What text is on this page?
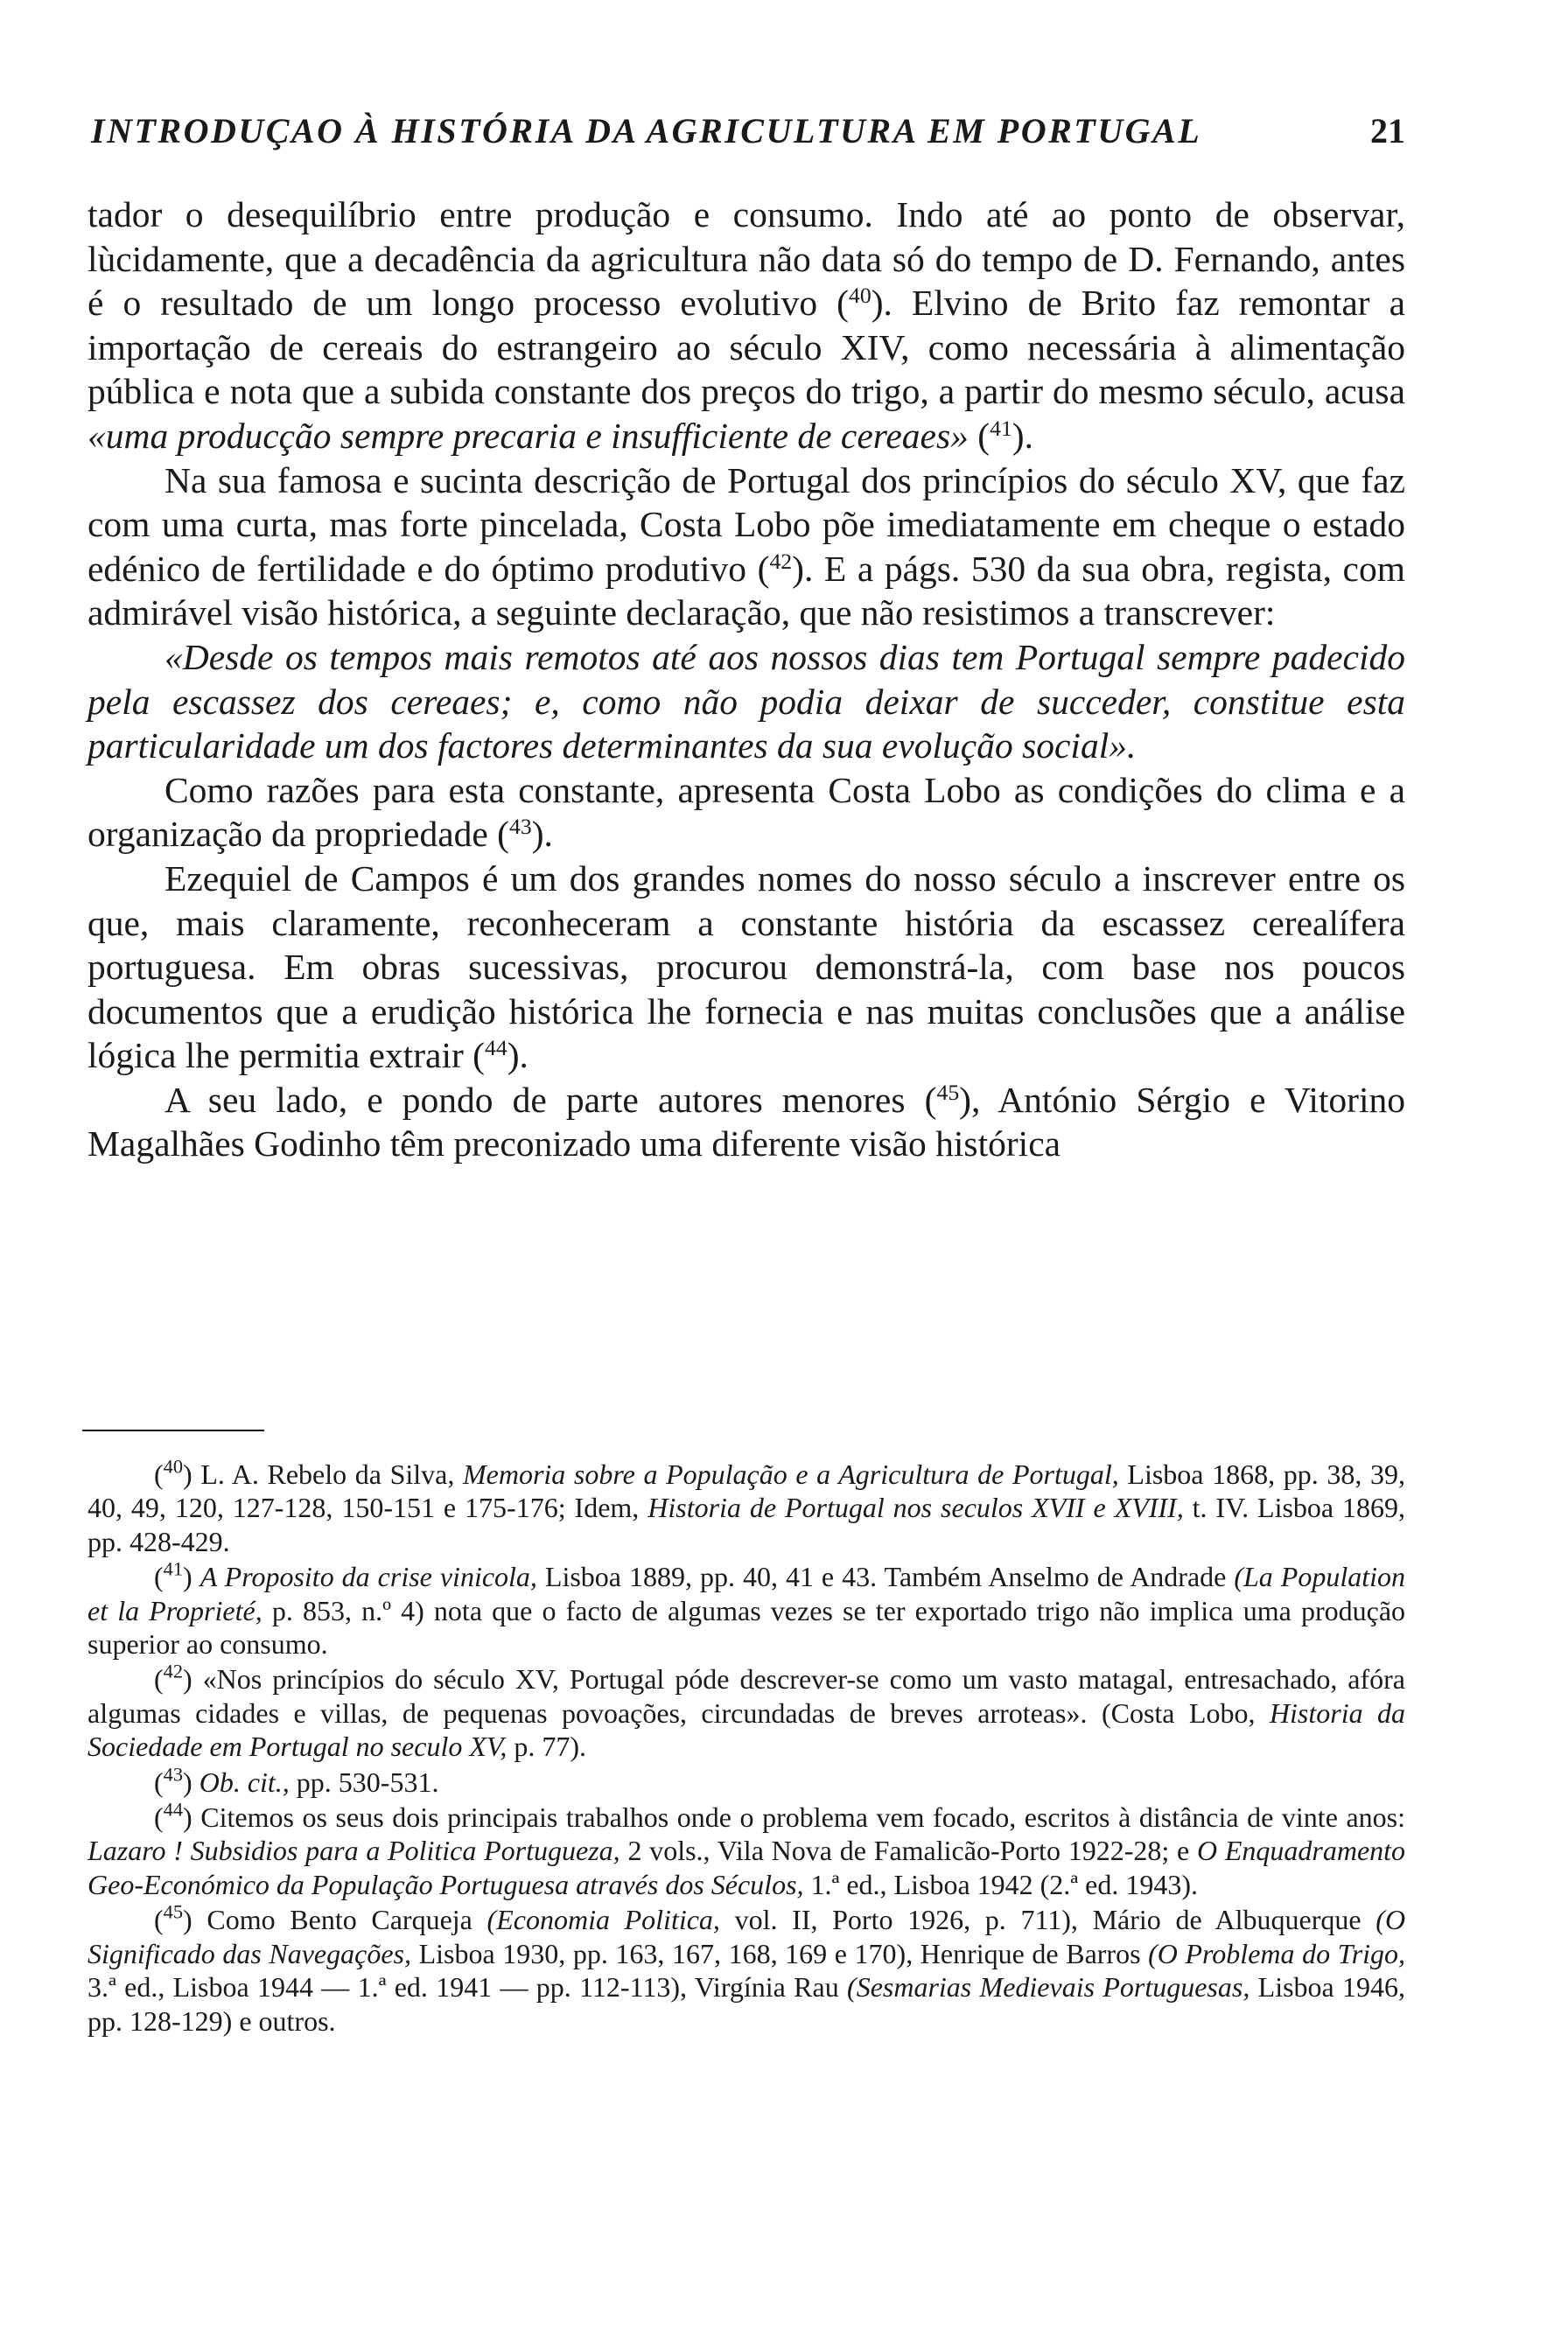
INTRODUÇAO À HISTÓRIA DA AGRICULTURA EM PORTUGAL	21

tador o desequilíbrio entre produção e consumo. Indo até ao ponto de observar, lùcidamente, que a decadência da agricultura não data só do tempo de D. Fernando, antes é o resultado de um longo processo evolutivo ($^{40}$). Elvino de Brito faz remontar a importação de cereais do estrangeiro ao século XIV, como necessária à alimentação pública e nota que a subida constante dos preços do trigo, a partir do mesmo século, acusa «uma producção sempre precaria e insufficiente de cereaes» ($^{41}$).

Na sua famosa e sucinta descrição de Portugal dos princípios do século XV, que faz com uma curta, mas forte pincelada, Costa Lobo põe imediatamente em cheque o estado edénico de fertilidade e do óptimo produtivo ($^{42}$). E a págs. 530 da sua obra, regista, com admirável visão histórica, a seguinte declaração, que não resistimos a transcrever:

«Desde os tempos mais remotos até aos nossos dias tem Portugal sempre padecido pela escassez dos cereaes; e, como não podia deixar de succeder, constitue esta particularidade um dos factores determinantes da sua evolução social».

Como razões para esta constante, apresenta Costa Lobo as condições do clima e a organização da propriedade ($^{43}$).

Ezequiel de Campos é um dos grandes nomes do nosso século a inscrever entre os que, mais claramente, reconheceram a constante história da escassez cerealífera portuguesa. Em obras sucessivas, procurou demonstrá-la, com base nos poucos documentos que a erudição histórica lhe fornecia e nas muitas conclusões que a análise lógica lhe permitia extrair ($^{44}$).

A seu lado, e pondo de parte autores menores ($^{45}$), António Sérgio e Vitorino Magalhães Godinho têm preconizado uma diferente visão histórica

($^{40}$) L. A. Rebelo da Silva, Memoria sobre a População e a Agricultura de Portugal, Lisboa 1868, pp. 38, 39, 40, 49, 120, 127-128, 150-151 e 175-176; Idem, Historia de Portugal nos seculos XVII e XVIII, t. IV. Lisboa 1869, pp. 428-429.

($^{41}$) A Proposito da crise vinicola, Lisboa 1889, pp. 40, 41 e 43. Também Anselmo de Andrade (La Population et la Proprieté, p. 853, n.º 4) nota que o facto de algumas vezes se ter exportado trigo não implica uma produção superior ao consumo.

($^{42}$) «Nos princípios do século XV, Portugal póde descrever-se como um vasto matagal, entresachado, afóra algumas cidades e villas, de pequenas povoações, circundadas de breves arroteas». (Costa Lobo, Historia da Sociedade em Portugal no seculo XV, p. 77).

($^{43}$) Ob. cit., pp. 530-531.

($^{44}$) Citemos os seus dois principais trabalhos onde o problema vem focado, escritos à distância de vinte anos: Lazaro ! Subsidios para a Politica Portugueza, 2 vols., Vila Nova de Famalicão-Porto 1922-28; e O Enquadramento Geo-Económico da População Portuguesa através dos Séculos, 1.ª ed., Lisboa 1942 (2.ª ed. 1943).

($^{45}$) Como Bento Carqueja (Economia Politica, vol. II, Porto 1926, p. 711), Mário de Albuquerque (O Significado das Navegações, Lisboa 1930, pp. 163, 167, 168, 169 e 170), Henrique de Barros (O Problema do Trigo, 3.ª ed., Lisboa 1944 — 1.ª ed. 1941 — pp. 112-113), Virgínia Rau (Sesmarias Medievais Portuguesas, Lisboa 1946, pp. 128-129) e outros.
